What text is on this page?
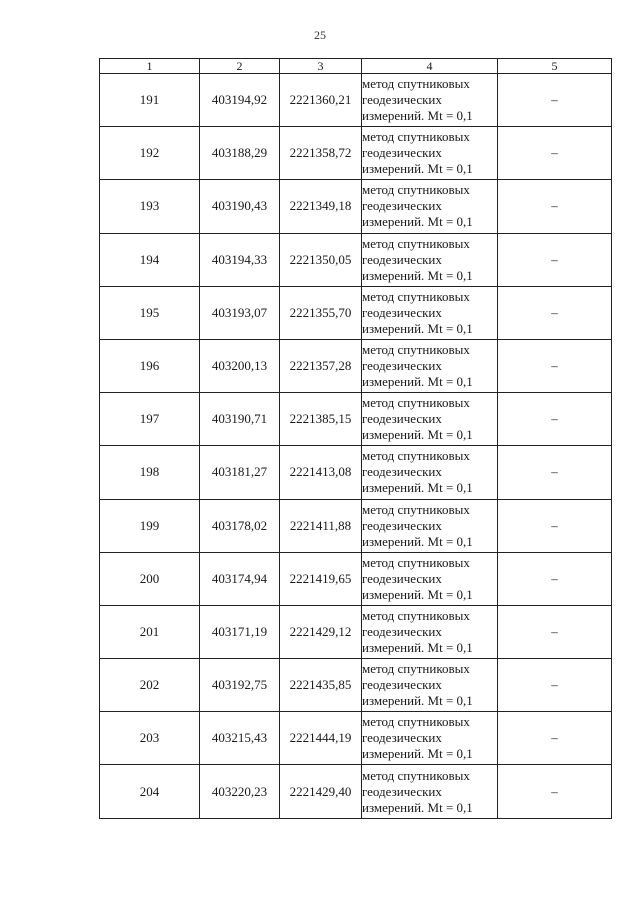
25
1	2	3	4	5
191	403194,92	2221360,21	метод спутниковых
геодезических
измерений. Mt = 0,1	–
192	403188,29	2221358,72	метод спутниковых
геодезических
измерений. Mt = 0,1	–
193	403190,43	2221349,18	метод спутниковых
геодезических
измерений. Mt = 0,1	–
194	403194,33	2221350,05	метод спутниковых
геодезических
измерений. Mt = 0,1	–
195	403193,07	2221355,70	метод спутниковых
геодезических
измерений. Mt = 0,1	–
196	403200,13	2221357,28	метод спутниковых
геодезических
измерений. Mt = 0,1	–
197	403190,71	2221385,15	метод спутниковых
геодезических
измерений. Mt = 0,1	–
198	403181,27	2221413,08	метод спутниковых
геодезических
измерений. Mt = 0,1	–
199	403178,02	2221411,88	метод спутниковых
геодезических
измерений. Mt = 0,1	–
200	403174,94	2221419,65	метод спутниковых
геодезических
измерений. Mt = 0,1	–
201	403171,19	2221429,12	метод спутниковых
геодезических
измерений. Mt = 0,1	–
202	403192,75	2221435,85	метод спутниковых
геодезических
измерений. Mt = 0,1	–
203	403215,43	2221444,19	метод спутниковых
геодезических
измерений. Mt = 0,1	–
204	403220,23	2221429,40	метод спутниковых
геодезических
измерений. Mt = 0,1	–
